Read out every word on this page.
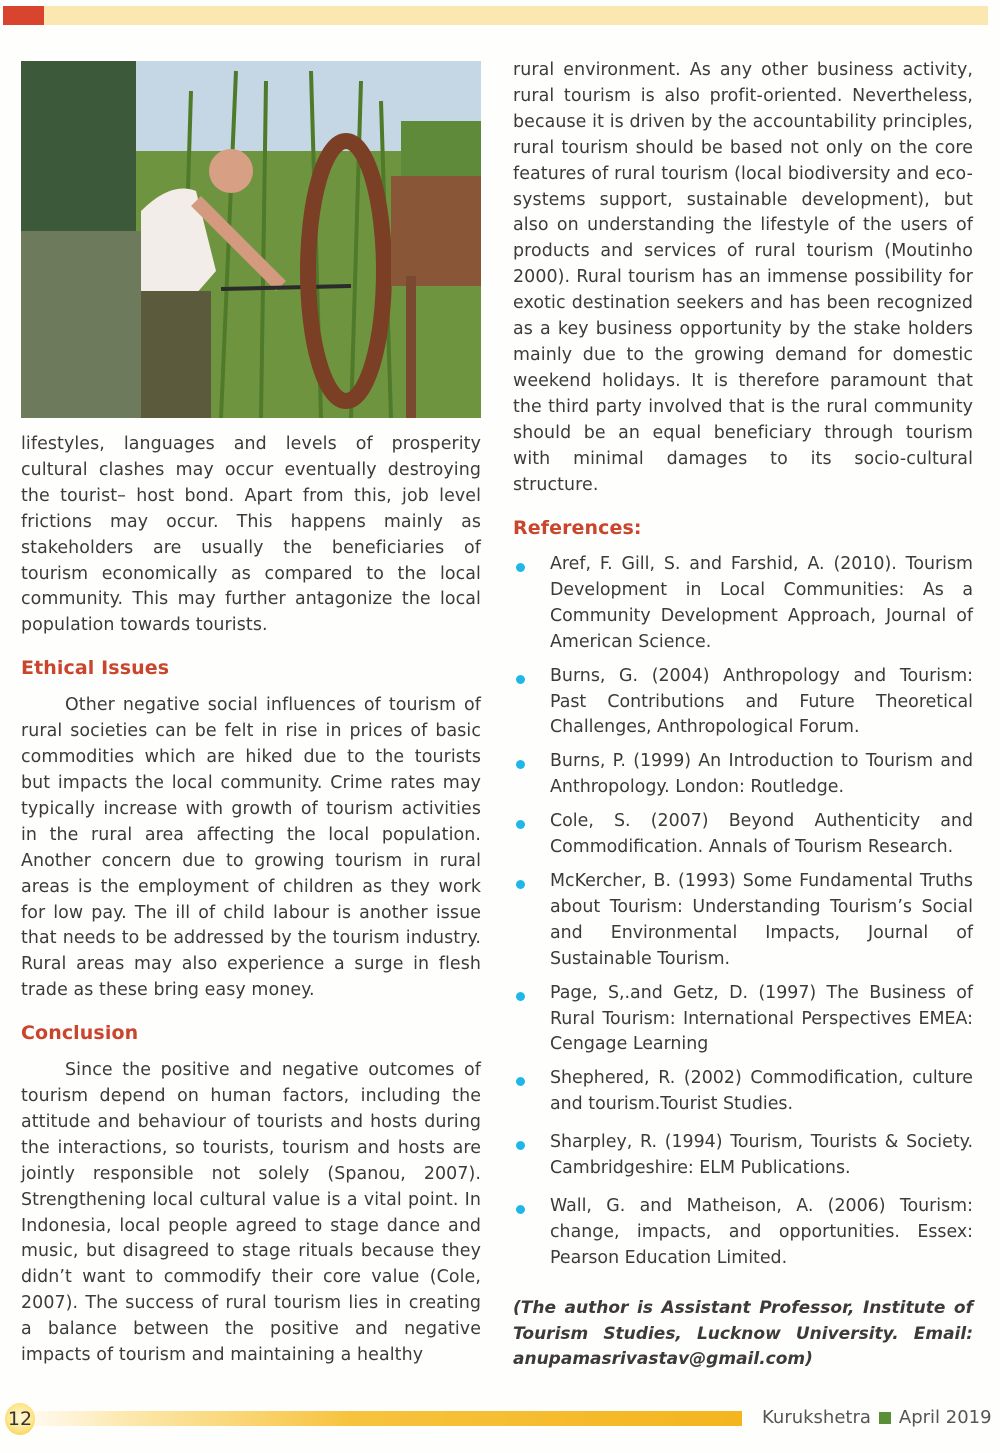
lifestyles, languages and levels of prosperity cultural clashes may occur eventually destroying the tourist– host bond. Apart from this, job level frictions may occur. This happens mainly as stakeholders are usually the beneficiaries of tourism economically as compared to the local community. This may further antagonize the local population towards tourists.

Ethical Issues

Other negative social influences of tourism of rural societies can be felt in rise in prices of basic commodities which are hiked due to the tourists but impacts the local community. Crime rates may typically increase with growth of tourism activities in the rural area affecting the local population. Another concern due to growing tourism in rural areas is the employment of children as they work for low pay. The ill of child labour is another issue that needs to be addressed by the tourism industry. Rural areas may also experience a surge in flesh trade as these bring easy money.

Conclusion

Since the positive and negative outcomes of tourism depend on human factors, including the attitude and behaviour of tourists and hosts during the interactions, so tourists, tourism and hosts are jointly responsible not solely (Spanou, 2007). Strengthening local cultural value is a vital point. In Indonesia, local people agreed to stage dance and music, but disagreed to stage rituals because they didn’t want to commodify their core value (Cole, 2007). The success of rural tourism lies in creating a balance between the positive and negative impacts of tourism and maintaining a healthy

rural environment. As any other business activity, rural tourism is also profit-oriented. Nevertheless, because it is driven by the accountability principles, rural tourism should be based not only on the core features of rural tourism (local biodiversity and eco-systems support, sustainable development), but also on understanding the lifestyle of the users of products and services of rural tourism (Moutinho 2000). Rural tourism has an immense possibility for exotic destination seekers and has been recognized as a key business opportunity by the stake holders mainly due to the growing demand for domestic weekend holidays. It is therefore paramount that the third party involved that is the rural community should be an equal beneficiary through tourism with minimal damages to its socio-cultural structure.

References:
Aref, F. Gill, S. and Farshid, A. (2010). Tourism Development in Local Communities: As a Community Development Approach, Journal of American Science.
Burns, G. (2004) Anthropology and Tourism: Past Contributions and Future Theoretical Challenges, Anthropological Forum.
Burns, P. (1999) An Introduction to Tourism and Anthropology. London: Routledge.
Cole, S. (2007) Beyond Authenticity and Commodification. Annals of Tourism Research.
McKercher, B. (1993) Some Fundamental Truths about Tourism: Understanding Tourism’s Social and Environmental Impacts, Journal of Sustainable Tourism.
Page, S,.and Getz, D. (1997) The Business of Rural Tourism: International Perspectives EMEA: Cengage Learning
Shephered, R. (2002) Commodification, culture and tourism.Tourist Studies.
Sharpley, R. (1994) Tourism, Tourists & Society. Cambridgeshire: ELM Publications.
Wall, G. and Matheison, A. (2006) Tourism: change, impacts, and opportunities. Essex: Pearson Education Limited.
(The author is Assistant Professor, Institute of Tourism Studies, Lucknow University. Email: anupamasrivastav@gmail.com)
12	Kurukshetra April 2019
